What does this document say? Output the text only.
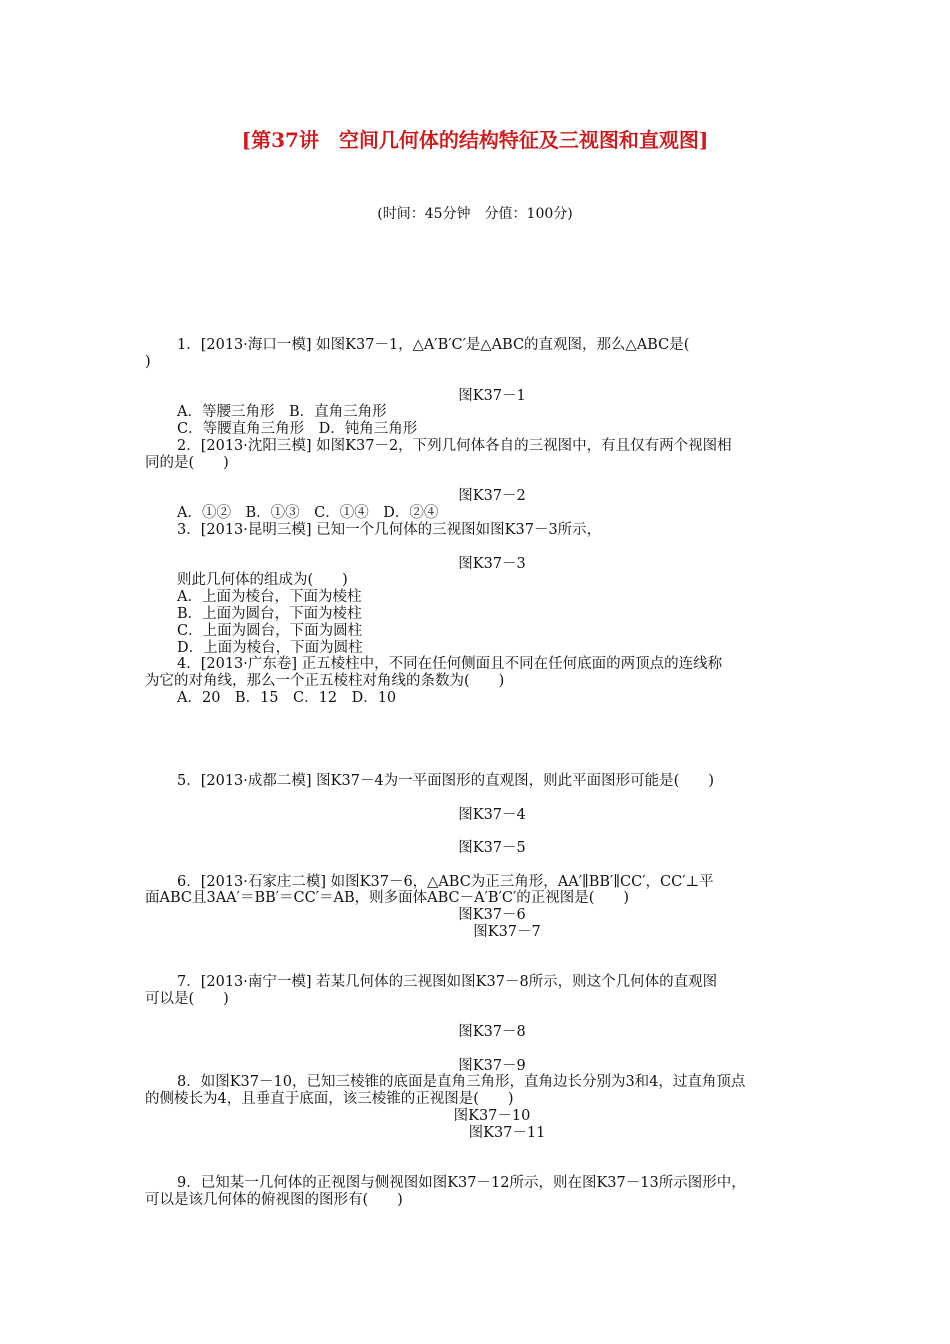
[第37讲　空间几何体的结构特征及三视图和直观图]
(时间：45分钟　分值：100分)
1．[2013·海口一模] 如图K37－1，△A′B′C′是△ABC的直观图，那么△ABC是(
)
图K37－1
A．等腰三角形　B．直角三角形
C．等腰直角三角形　D．钝角三角形
2．[2013·沈阳三模] 如图K37－2，下列几何体各自的三视图中，有且仅有两个视图相
同的是(　　)
图K37－2
A．①②　B．①③　C．①④　D．②④
3．[2013·昆明三模] 已知一个几何体的三视图如图K37－3所示，
图K37－3
则此几何体的组成为(　　)
A．上面为棱台，下面为棱柱
B．上面为圆台，下面为棱柱
C．上面为圆台，下面为圆柱
D．上面为棱台，下面为圆柱
4．[2013·广东卷] 正五棱柱中，不同在任何侧面且不同在任何底面的两顶点的连线称
为它的对角线，那么一个正五棱柱对角线的条数为(　　)
A．20　B．15　C．12　D．10
5．[2013·成都二模] 图K37－4为一平面图形的直观图，则此平面图形可能是(　　)
图K37－4
图K37－5
6．[2013·石家庄二模] 如图K37－6，△ABC为正三角形，AA′∥BB′∥CC′，CC′⊥平
面ABC且3AA′＝BB′＝CC′＝AB，则多面体ABC－A′B′C′的正视图是(　　)
图K37－6
图K37－7
7．[2013·南宁一模] 若某几何体的三视图如图K37－8所示，则这个几何体的直观图
可以是(　　)
图K37－8
图K37－9
8．如图K37－10，已知三棱锥的底面是直角三角形，直角边长分别为3和4，过直角顶点
的侧棱长为4，且垂直于底面，该三棱锥的正视图是(　　)
图K37－10
图K37－11
9．已知某一几何体的正视图与侧视图如图K37－12所示，则在图K37－13所示图形中，
可以是该几何体的俯视图的图形有(　　)
